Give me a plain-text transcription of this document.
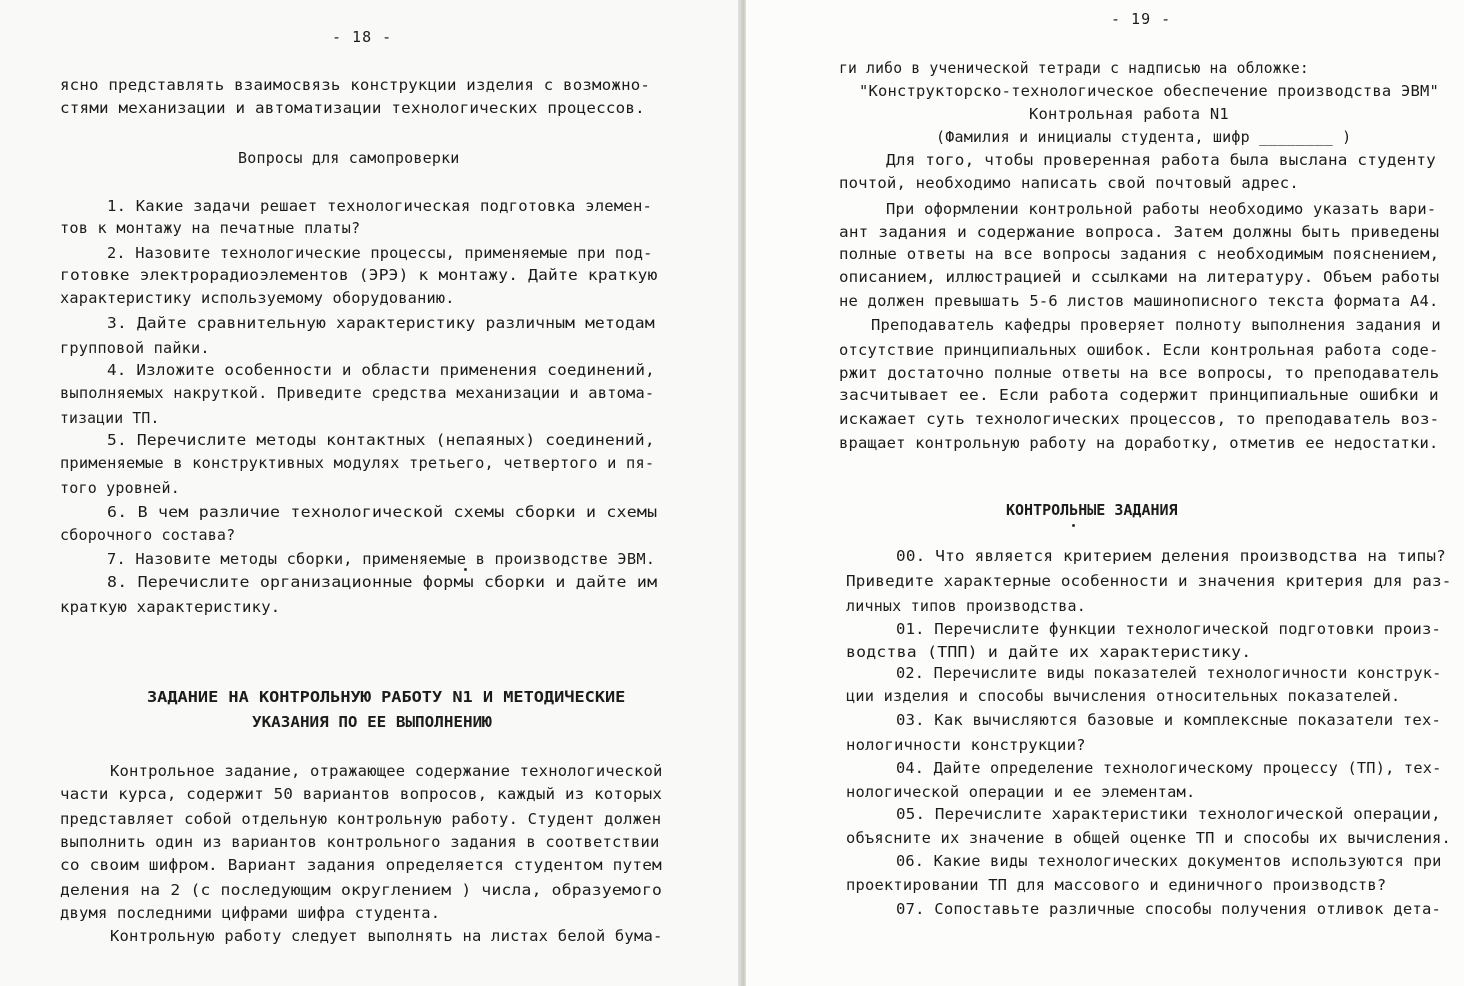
- 18 -
ясно представлять взаимосвязь конструкции изделия с возможно-
стями механизации и автоматизации технологических процессов.
Вопросы для самопроверки
1. Какие задачи решает технологическая подготовка элемен-
тов к монтажу на печатные платы?
2. Назовите технологические процессы, применяемые при под-
готовке электрорадиоэлементов (ЭРЭ) к монтажу. Дайте краткую
характеристику используемому оборудованию.
3. Дайте сравнительную характеристику различным методам
групповой пайки.
4. Изложите особенности и области применения соединений,
выполняемых накруткой. Приведите средства механизации и автома-
тизации ТП.
5. Перечислите методы контактных (непаяных) соединений,
применяемые в конструктивных модулях третьего, четвертого и пя-
того уровней.
6. В чем различие технологической схемы сборки и схемы
сборочного состава?
7. Назовите методы сборки, применяемые в производстве ЭВМ.
8. Перечислите организационные формы сборки и дайте им
краткую характеристику.
ЗАДАНИЕ НА КОНТРОЛЬНУЮ РАБОТУ N1 И МЕТОДИЧЕСКИЕ
УКАЗАНИЯ ПО ЕЕ ВЫПОЛНЕНИЮ
Контрольное задание, отражающее содержание технологической
части курса, содержит 50 вариантов вопросов, каждый из которых
представляет собой отдельную контрольную работу. Студент должен
выполнить один из вариантов контрольного задания в соответствии
со своим шифром. Вариант задания определяется студентом путем
деления на 2 (с последующим округлением ) числа, образуемого
двумя последними цифрами шифра студента.
Контрольную работу следует выполнять на листах белой бума-
- 19 -
ги либо в ученической тетради с надписью на обложке:
"Конструкторско-технологическое обеспечение производства ЭВМ"
Контрольная работа N1
(Фамилия и инициалы студента, шифр ________ )
Для того, чтобы проверенная работа была выслана студенту
почтой, необходимо написать свой почтовый адрес.
При оформлении контрольной работы необходимо указать вари-
ант задания и содержание вопроса. Затем должны быть приведены
полные ответы на все вопросы задания с необходимым пояснением,
описанием, иллюстрацией и ссылками на литературу. Объем работы
не должен превышать 5-6 листов машинописного текста формата А4.
Преподаватель кафедры проверяет полноту выполнения задания и
отсутствие принципиальных ошибок. Если контрольная работа соде-
ржит достаточно полные ответы на все вопросы, то преподаватель
засчитывает ее. Если работа содержит принципиальные ошибки и
искажает суть технологических процессов, то преподаватель воз-
вращает контрольную работу на доработку, отметив ее недостатки.
КОНТРОЛЬНЫЕ ЗАДАНИЯ
00. Что является критерием деления производства на типы?
Приведите характерные особенности и значения критерия для раз-
личных типов производства.
01. Перечислите функции технологической подготовки произ-
водства (ТПП) и дайте их характеристику.
02. Перечислите виды показателей технологичности конструк-
ции изделия и способы вычисления относительных показателей.
03. Как вычисляются базовые и комплексные показатели тех-
нологичности конструкции?
04. Дайте определение технологическому процессу (ТП), тех-
нологической операции и ее элементам.
05. Перечислите характеристики технологической операции,
объясните их значение в общей оценке ТП и способы их вычисления.
06. Какие виды технологических документов используются при
проектировании ТП для массового и единичного производств?
07. Сопоставьте различные способы получения отливок дета-
